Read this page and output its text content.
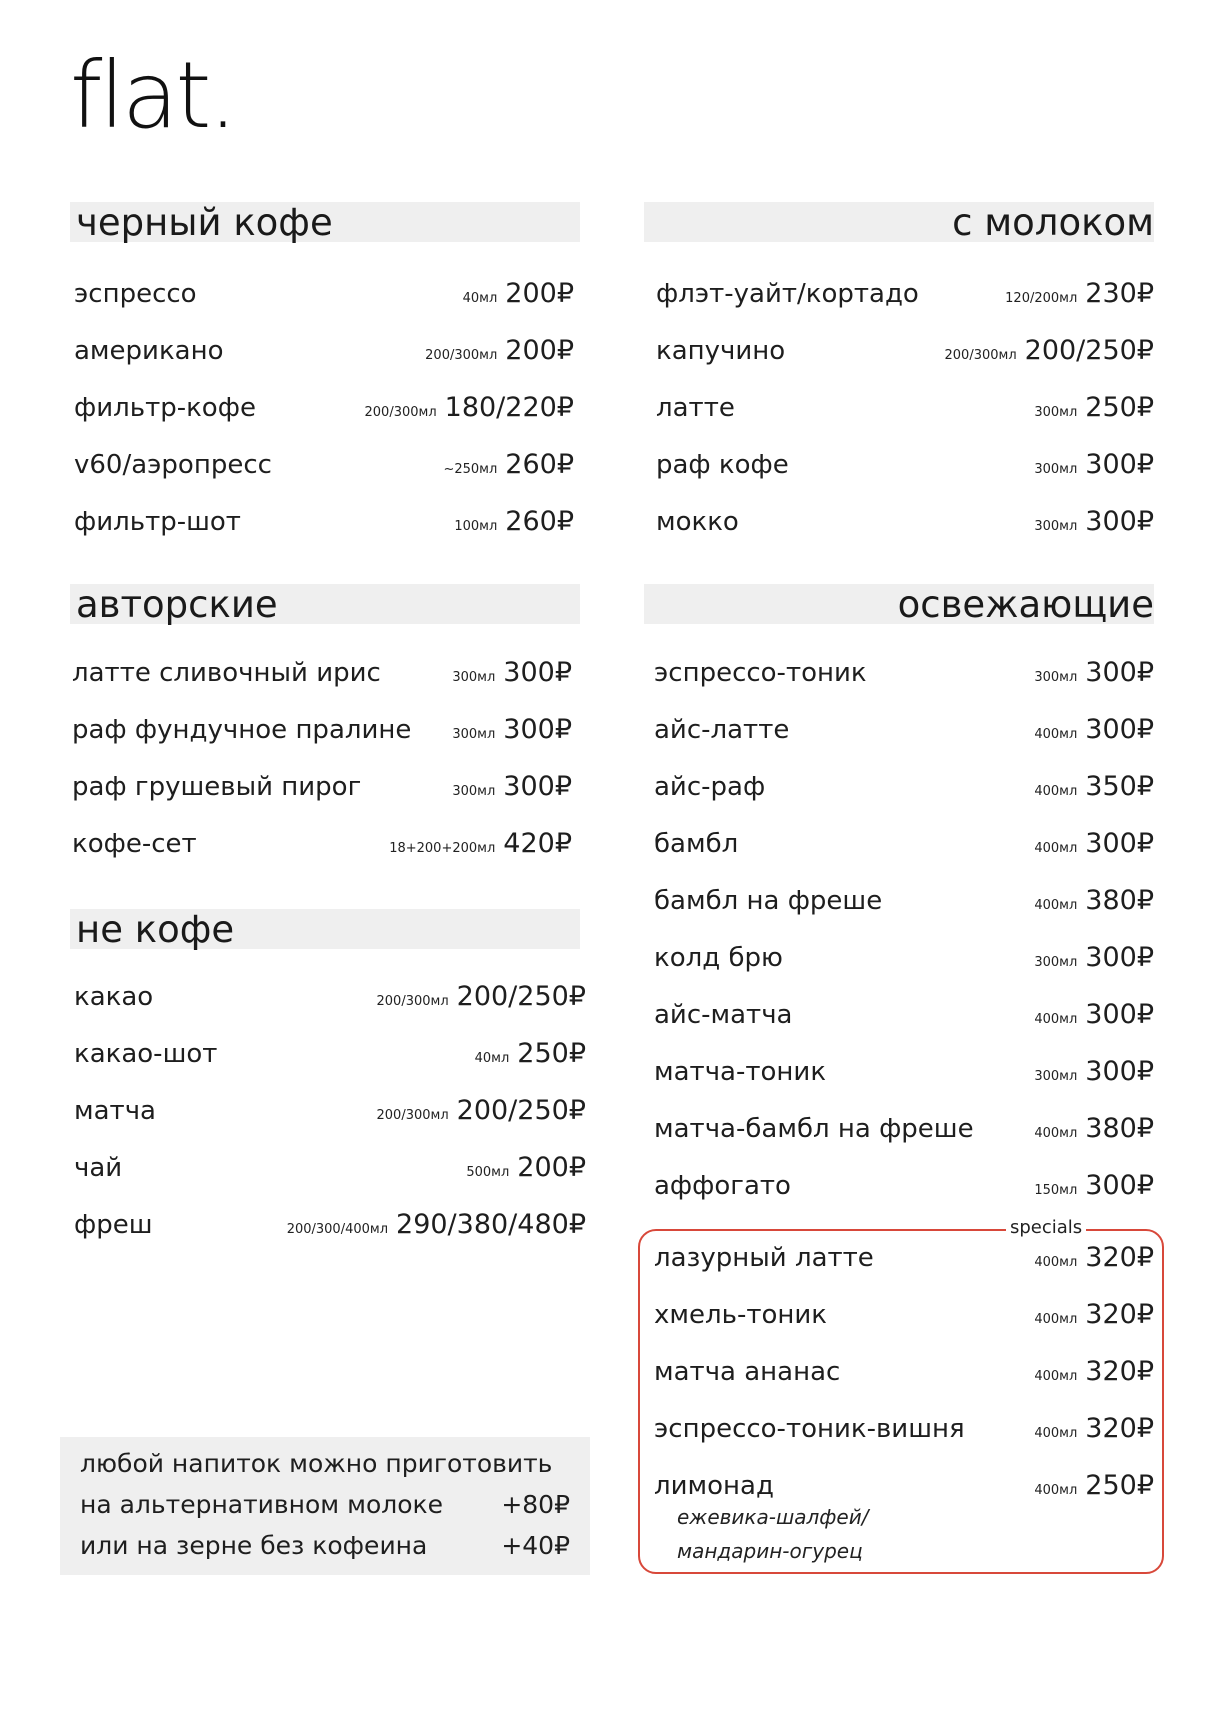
flat.
черный кофе
эспрессо	40мл 200₽
американо	200/300мл 200₽
фильтр-кофе	200/300мл 180/220₽
v60/аэропресс	~250мл 260₽
фильтр-шот	100мл 260₽
с молоком
флэт-уайт/кортадо	120/200мл 230₽
капучино	200/300мл 200/250₽
латте	300мл 250₽
раф кофе	300мл 300₽
мокко	300мл 300₽
авторские
латте сливочный ирис	300мл 300₽
раф фундучное пралине	300мл 300₽
раф грушевый пирог	300мл 300₽
кофе-сет	18+200+200мл 420₽
освежающие
эспрессо-тоник	300мл 300₽
айс-латте	400мл 300₽
айс-раф	400мл 350₽
бамбл	400мл 300₽
бамбл на фреше	400мл 380₽
колд брю	300мл 300₽
айс-матча	400мл 300₽
матча-тоник	300мл 300₽
матча-бамбл на фреше	400мл 380₽
аффогато	150мл 300₽
не кофе
какао	200/300мл 200/250₽
какао-шот	40мл 250₽
матча	200/300мл 200/250₽
чай	500мл 200₽
фреш	200/300/400мл 290/380/480₽	specials
лазурный латте	400мл 320₽
хмель-тоник	400мл 320₽
матча ананас	400мл 320₽
эспрессо-тоник-вишня	400мл 320₽
лимонад	400мл 250₽
ежевика-шалфей/
мандарин-огурец
любой напиток можно приготовить
на альтернативном молоке +80₽
или на зерне без кофеина	+40₽
